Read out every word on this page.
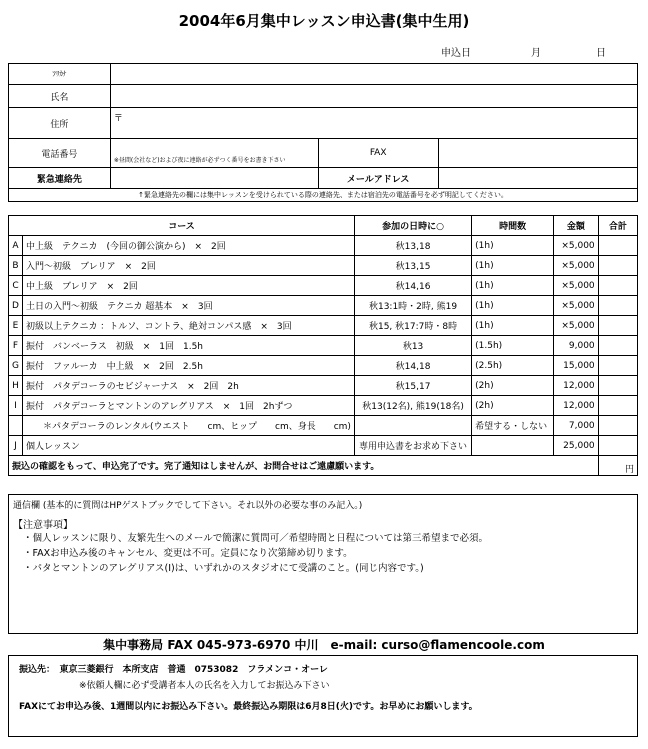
2004年6月集中レッスン申込書(集中生用)
申込日	月	日
ﾌﾘｶﾅ			
氏名			
住所	〒		
電話番号	※昼間(会社など)および夜に連絡が必ずつく番号をお書き下さい	FAX	
緊急連絡先		メールアドレス	
↑緊急連絡先の欄には集中レッスンを受けられている際の連絡先、または宿泊先の電話番号を必ず明記してください。			
コース		参加の日時に○	時間数	金額	合計
A	中上級　テクニカ　(今回の御公演から)　×　2回	秋13,18	(1h)	×5,000	
B	入門～初級　ブレリア　×　2回	秋13,15	(1h)	×5,000	
C	中上級　ブレリア　×　2回	秋14,16	(1h)	×5,000	
D	土日の入門～初級　テクニカ 超基本　×　3回	秋13:1時・2時, 熊19	(1h)	×5,000	
E	初級以上テクニカ ：トルソ、コントラ、絶対コンパス感　×　3回	秋15, 秋17:7時・8時	(1h)	×5,000	
F	振付　バンベーラス　初級　×　1回　1.5h	秋13	(1.5h)	9,000	
G	振付　ファルーカ　中上級　×　2回　2.5h	秋14,18	(2.5h)	15,000	
H	振付　パタデコーラのセビジャーナス　×　2回　2h	秋15,17	(2h)	12,000	
I	振付　パタデコーラとマントンのアレグリアス　×　1回　2hずつ	秋13(12名), 熊19(18名)	(2h)	12,000	
	＊パタデコーラのレンタル(ウエスト　　cm、ヒップ　　cm、身長　　cm)		希望する・しない	7,000	
J	個人レッスン	専用申込書をお求め下さい		25,000	
振込の確認をもって、申込完了です。完了通知はしませんが、お問合せはご遠慮願います。					円
通信欄 (基本的に質問はHPゲストブックでして下さい。それ以外の必要な事のみ記入。)
【注意事項】
・個人レッスンに限り、友繁先生へのメールで簡潔に質問可／希望時間と日程については第三希望まで必須。
・FAXお申込み後のキャンセル、変更は不可。定員になり次第締め切ります。
・パタとマントンのアレグリアス(I)は、いずれかのスタジオにて受講のこと。(同じ内容です。)
集中事務局 FAX 045-973-6970 中川　e-mail: curso@flamencoole.com
振込先：　東京三菱銀行　本所支店　普通　0753082　フラメンコ・オーレ
※依頼人欄に必ず受講者本人の氏名を入力してお振込み下さい
FAXにてお申込み後、1週間以内にお振込み下さい。最終振込み期限は6月8日(火)です。お早めにお願いします。
